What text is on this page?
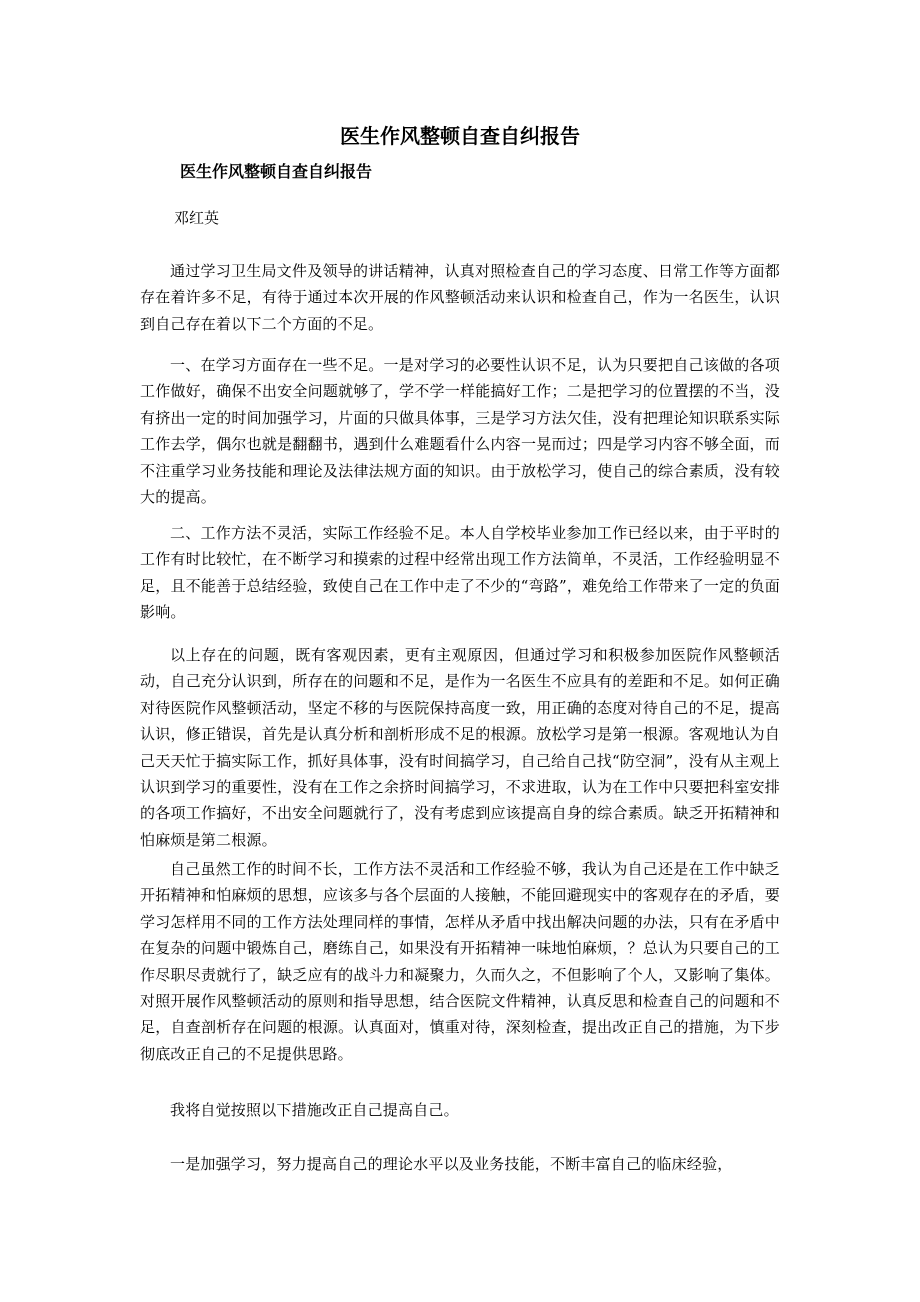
医生作风整顿自查自纠报告
医生作风整顿自查自纠报告

邓红英

通过学习卫生局文件及领导的讲话精神，认真对照检查自己的学习态度、日常工作等方面都存在着许多不足，有待于通过本次开展的作风整顿活动来认识和检查自己，作为一名医生，认识到自己存在着以下二个方面的不足。

一、在学习方面存在一些不足。一是对学习的必要性认识不足，认为只要把自己该做的各项工作做好，确保不出安全问题就够了，学不学一样能搞好工作；二是把学习的位置摆的不当，没有挤出一定的时间加强学习，片面的只做具体事，三是学习方法欠佳，没有把理论知识联系实际工作去学，偶尔也就是翻翻书，遇到什么难题看什么内容一晃而过；四是学习内容不够全面，而不注重学习业务技能和理论及法律法规方面的知识。由于放松学习，使自己的综合素质，没有较大的提高。

二、工作方法不灵活，实际工作经验不足。本人自学校毕业参加工作已经以来，由于平时的工作有时比较忙，在不断学习和摸索的过程中经常出现工作方法简单，不灵活，工作经验明显不足，且不能善于总结经验，致使自己在工作中走了不少的“弯路”，难免给工作带来了一定的负面影响。

以上存在的问题，既有客观因素，更有主观原因，但通过学习和积极参加医院作风整顿活动，自己充分认识到，所存在的问题和不足，是作为一名医生不应具有的差距和不足。如何正确对待医院作风整顿活动，坚定不移的与医院保持高度一致，用正确的态度对待自己的不足，提高认识，修正错误，首先是认真分析和剖析形成不足的根源。放松学习是第一根源。客观地认为自己天天忙于搞实际工作，抓好具体事，没有时间搞学习，自己给自己找“防空洞”，没有从主观上认识到学习的重要性，没有在工作之余挤时间搞学习，不求进取，认为在工作中只要把科室安排的各项工作搞好，不出安全问题就行了，没有考虑到应该提高自身的综合素质。缺乏开拓精神和怕麻烦是第二根源。

自己虽然工作的时间不长，工作方法不灵活和工作经验不够，我认为自己还是在工作中缺乏开拓精神和怕麻烦的思想，应该多与各个层面的人接触，不能回避现实中的客观存在的矛盾，要学习怎样用不同的工作方法处理同样的事情，怎样从矛盾中找出解决问题的办法，只有在矛盾中在复杂的问题中锻炼自己，磨练自己，如果没有开拓精神一味地怕麻烦，？总认为只要自己的工作尽职尽责就行了，缺乏应有的战斗力和凝聚力，久而久之，不但影响了个人，又影响了集体。对照开展作风整顿活动的原则和指导思想，结合医院文件精神，认真反思和检查自己的问题和不足，自查剖析存在问题的根源。认真面对，慎重对待，深刻检查，提出改正自己的措施，为下步彻底改正自己的不足提供思路。

我将自觉按照以下措施改正自己提高自己。

一是加强学习，努力提高自己的理论水平以及业务技能，不断丰富自己的临床经验，
